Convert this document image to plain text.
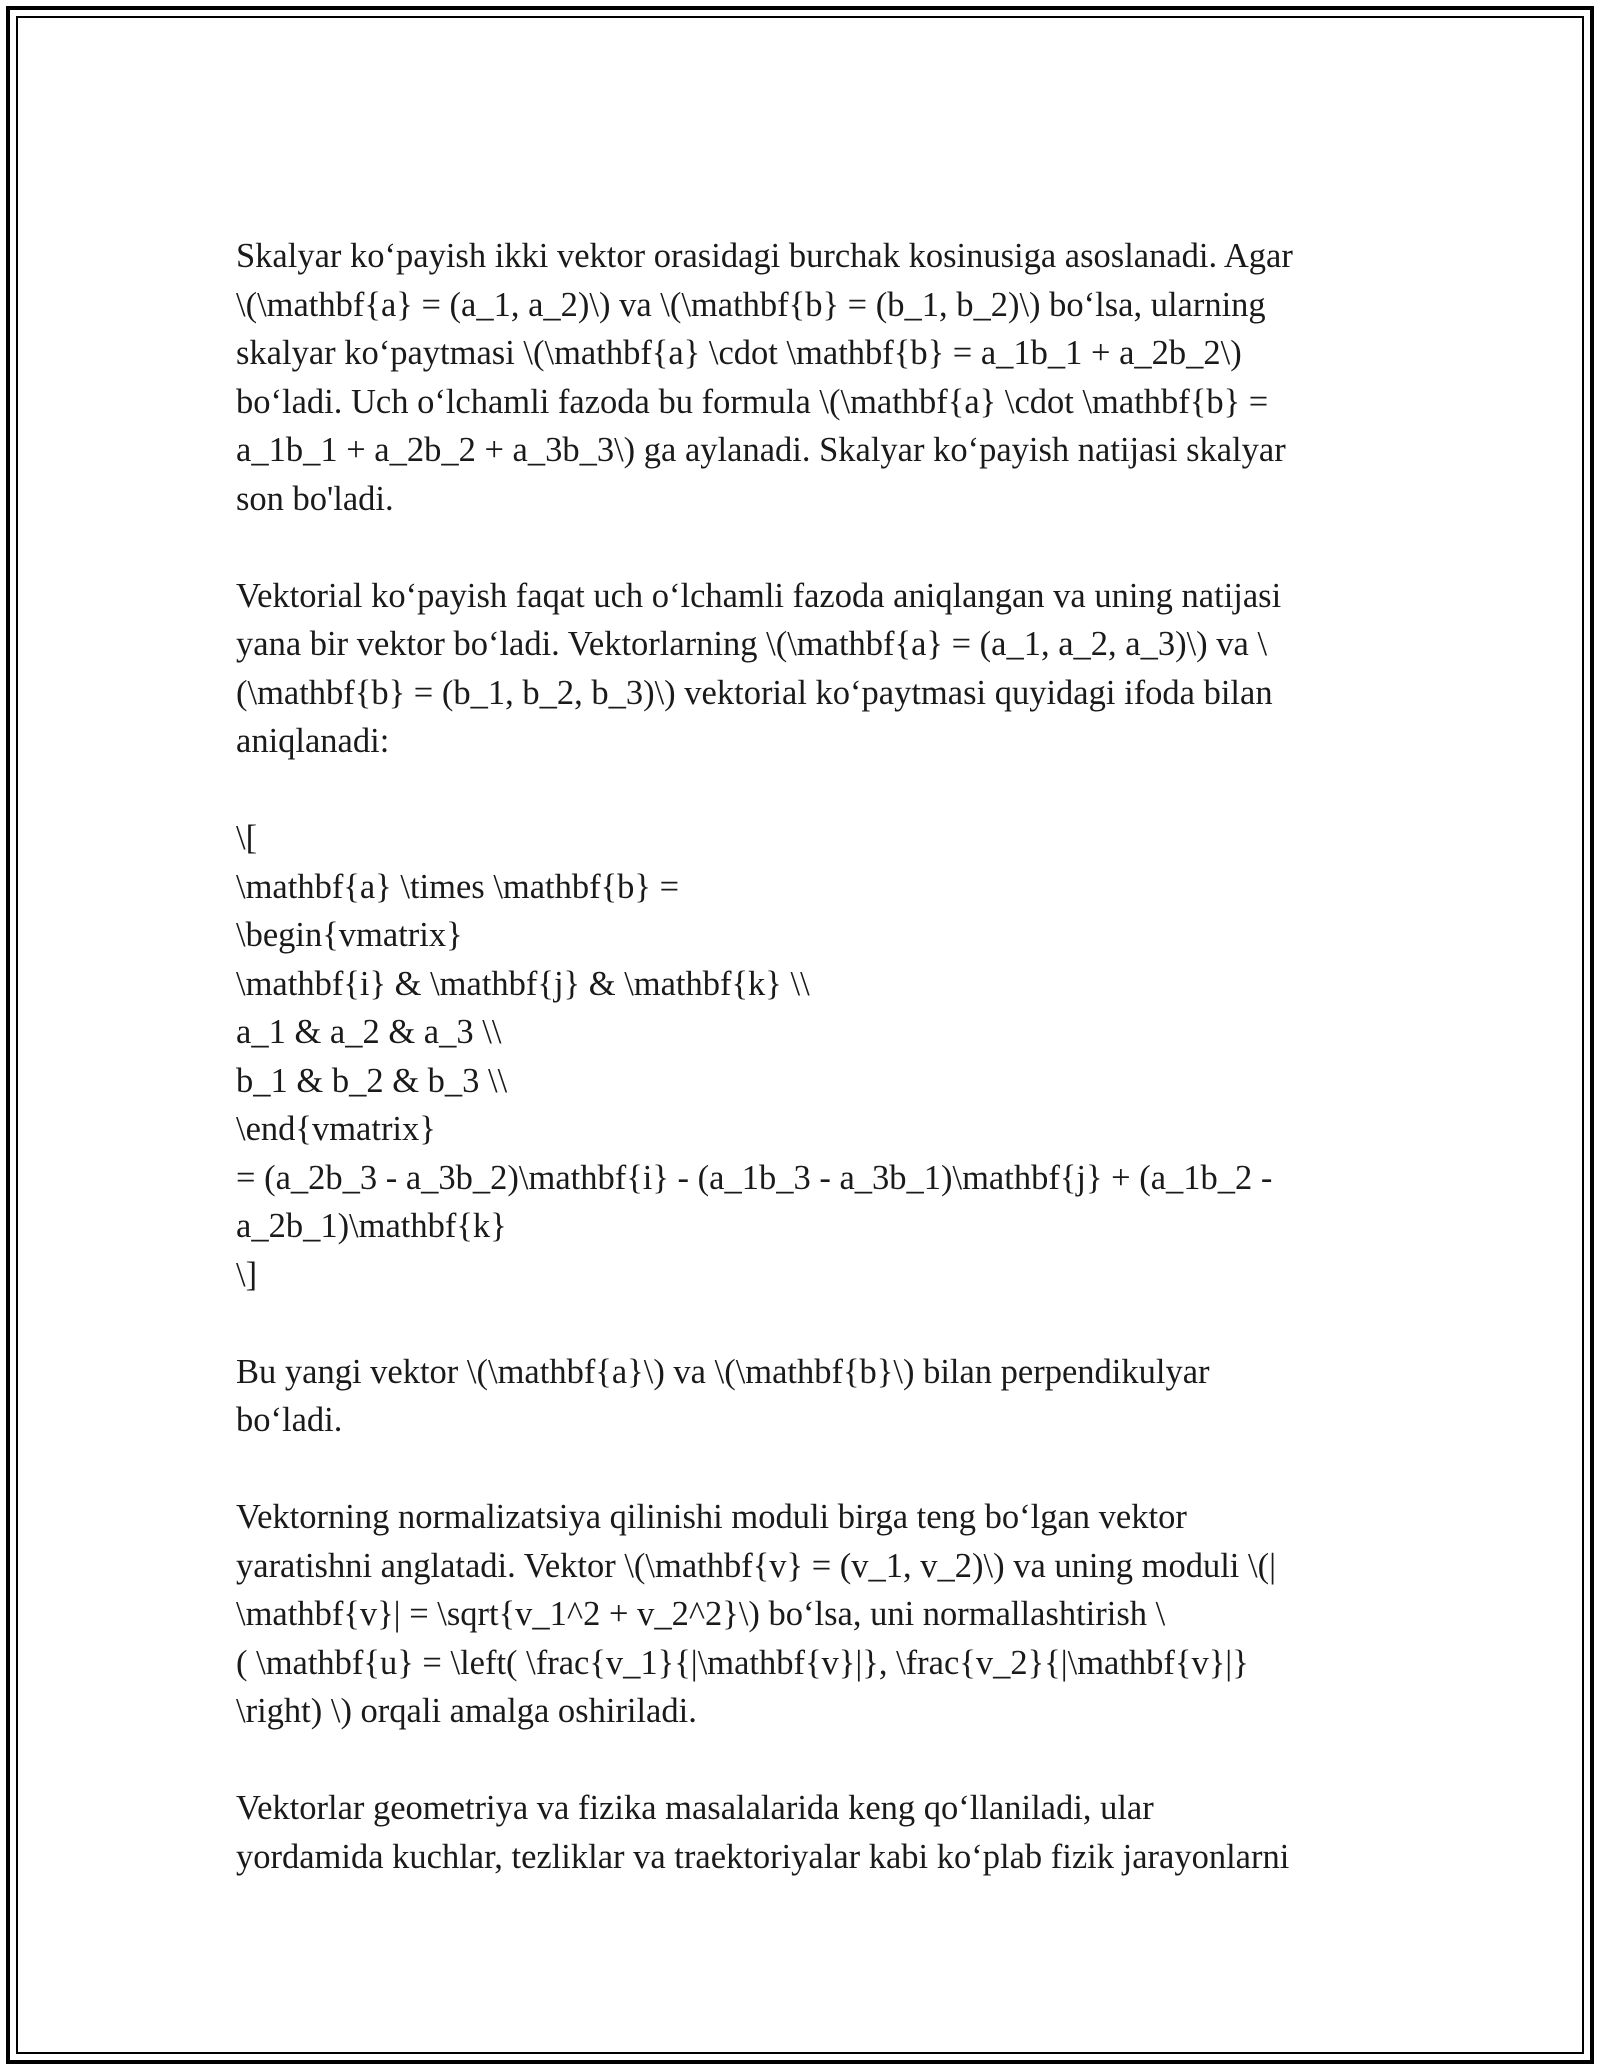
Skalyar ko‘payish ikki vektor orasidagi burchak kosinusiga asoslanadi. Agar
\(\mathbf{a} = (a_1, a_2)\) va \(\mathbf{b} = (b_1, b_2)\) bo‘lsa, ularning
skalyar ko‘paytmasi \(\mathbf{a} \cdot \mathbf{b} = a_1b_1 + a_2b_2\)
bo‘ladi. Uch o‘lchamli fazoda bu formula \(\mathbf{a} \cdot \mathbf{b} =
a_1b_1 + a_2b_2 + a_3b_3\) ga aylanadi. Skalyar ko‘payish natijasi skalyar
son bo'ladi.
Vektorial ko‘payish faqat uch o‘lchamli fazoda aniqlangan va uning natijasi
yana bir vektor bo‘ladi. Vektorlarning \(\mathbf{a} = (a_1, a_2, a_3)\) va \
(\mathbf{b} = (b_1, b_2, b_3)\) vektorial ko‘paytmasi quyidagi ifoda bilan
aniqlanadi:
\[
\mathbf{a} \times \mathbf{b} =
\begin{vmatrix}
\mathbf{i} & \mathbf{j} & \mathbf{k} \\
a_1 & a_2 & a_3 \\
b_1 & b_2 & b_3 \\
\end{vmatrix}
= (a_2b_3 - a_3b_2)\mathbf{i} - (a_1b_3 - a_3b_1)\mathbf{j} + (a_1b_2 -
a_2b_1)\mathbf{k}
\]
Bu yangi vektor \(\mathbf{a}\) va \(\mathbf{b}\) bilan perpendikulyar
bo‘ladi.
Vektorning normalizatsiya qilinishi moduli birga teng bo‘lgan vektor
yaratishni anglatadi. Vektor \(\mathbf{v} = (v_1, v_2)\) va uning moduli \(|
\mathbf{v}| = \sqrt{v_1^2 + v_2^2}\) bo‘lsa, uni normallashtirish \
( \mathbf{u} = \left( \frac{v_1}{|\mathbf{v}|}, \frac{v_2}{|\mathbf{v}|}
\right) \) orqali amalga oshiriladi.
Vektorlar geometriya va fizika masalalarida keng qo‘llaniladi, ular
yordamida kuchlar, tezliklar va traektoriyalar kabi ko‘plab fizik jarayonlarni
